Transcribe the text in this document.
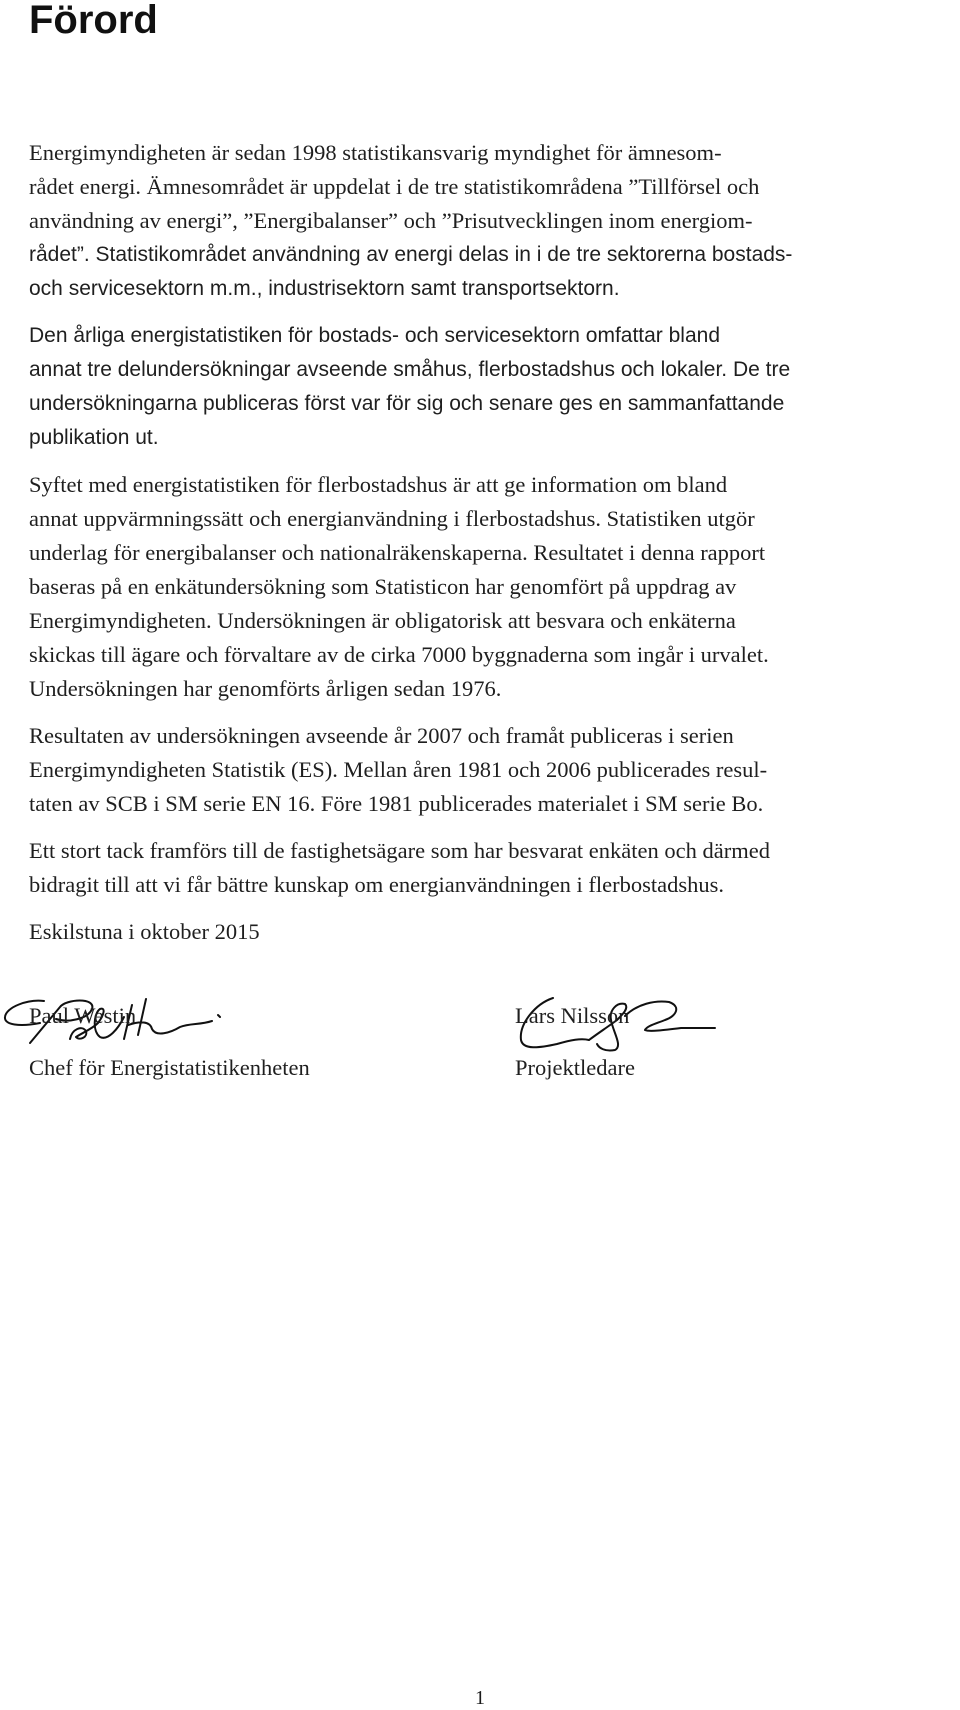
Förord

Energimyndigheten är sedan 1998 statistikansvarig myndighet för ämnesom-
rådet energi. Ämnesområdet är uppdelat i de tre statistikområdena ”Tillförsel och
användning av energi”, ”Energibalanser” och ”Prisutvecklingen inom energiom-
rådet”. Statistikområdet användning av energi delas in i de tre sektorerna bostads-
och servicesektorn m.m., industrisektorn samt transportsektorn.

Den årliga energistatistiken för bostads- och servicesektorn omfattar bland
annat tre delundersökningar avseende småhus, flerbostadshus och lokaler. De tre
undersökningarna publiceras först var för sig och senare ges en sammanfattande
publikation ut.

Syftet med energistatistiken för flerbostadshus är att ge information om bland
annat uppvärmningssätt och energianvändning i flerbostadshus. Statistiken utgör
underlag för energibalanser och nationalräkenskaperna. Resultatet i denna rapport
baseras på en enkätundersökning som Statisticon har genomfört på uppdrag av
Energimyndigheten. Undersökningen är obligatorisk att besvara och enkäterna
skickas till ägare och förvaltare av de cirka 7000 byggnaderna som ingår i urvalet.
Undersökningen har genomförts årligen sedan 1976.

Resultaten av undersökningen avseende år 2007 och framåt publiceras i serien
Energimyndigheten Statistik (ES). Mellan åren 1981 och 2006 publicerades resul-
taten av SCB i SM serie EN 16. Före 1981 publicerades materialet i SM serie Bo.

Ett stort tack framförs till de fastighetsägare som har besvarat enkäten och därmed
bidragit till att vi får bättre kunskap om energianvändningen i flerbostadshus.

Eskilstuna i oktober 2015

Paul Westin
Chef för Energistatistikenheten
Lars Nilsson
Projektledare
1
